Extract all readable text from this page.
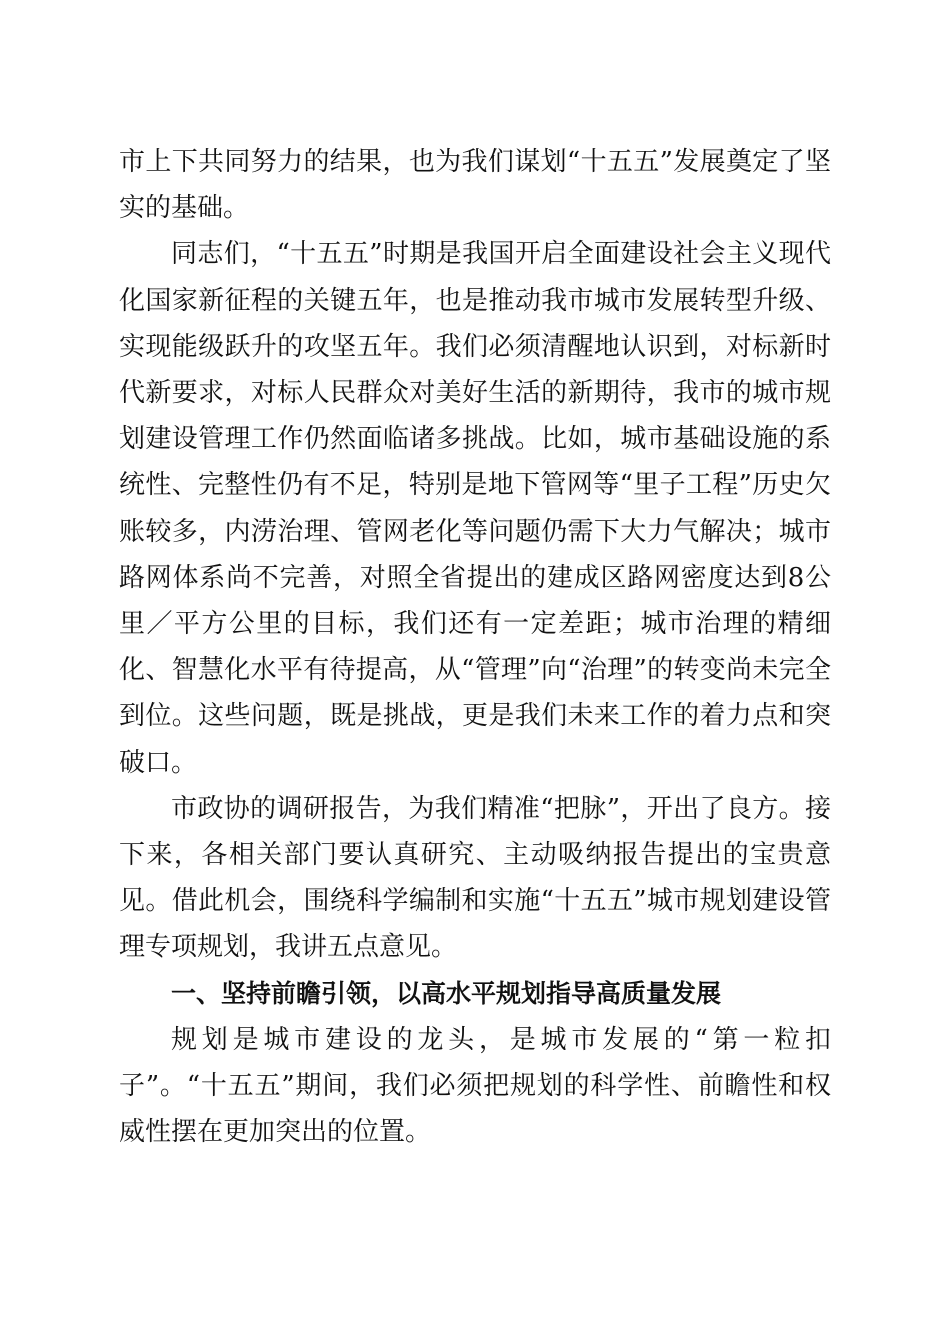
市上下共同努力的结果，也为我们谋划“十五五”发展奠定了坚实的基础。

同志们，“十五五”时期是我国开启全面建设社会主义现代化国家新征程的关键五年，也是推动我市城市发展转型升级、实现能级跃升的攻坚五年。我们必须清醒地认识到，对标新时代新要求，对标人民群众对美好生活的新期待，我市的城市规划建设管理工作仍然面临诸多挑战。比如，城市基础设施的系统性、完整性仍有不足，特别是地下管网等“里子工程”历史欠账较多，内涝治理、管网老化等问题仍需下大力气解决；城市路网体系尚不完善，对照全省提出的建成区路网密度达到8公里／平方公里的目标，我们还有一定差距；城市治理的精细化、智慧化水平有待提高，从“管理”向“治理”的转变尚未完全到位。这些问题，既是挑战，更是我们未来工作的着力点和突破口。

市政协的调研报告，为我们精准“把脉”，开出了良方。接下来，各相关部门要认真研究、主动吸纳报告提出的宝贵意见。借此机会，围绕科学编制和实施“十五五”城市规划建设管理专项规划，我讲五点意见。

一、坚持前瞻引领，以高水平规划指导高质量发展

规划是城市建设的龙头，是城市发展的“第一粒扣子”。“十五五”期间，我们必须把规划的科学性、前瞻性和权威性摆在更加突出的位置。
